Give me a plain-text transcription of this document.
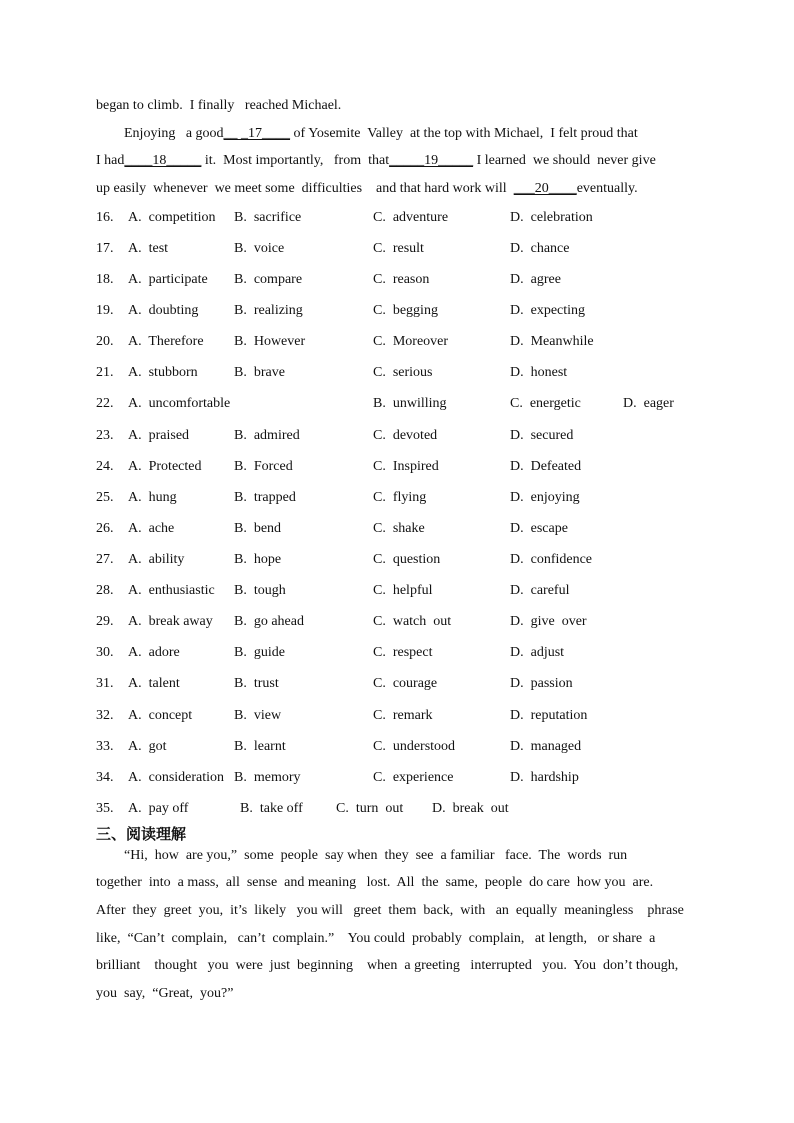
began to climb.  I finally   reached Michael.
Enjoying   a good__ _17____ of Yosemite  Valley  at the top with Michael,  I felt proud that
I had____18_____ it.  Most importantly,   from  that_____19_____ I learned  we should  never give
up easily  whenever  we meet some  difficulties    and that hard work will  ___20____eventually.
16. A.  competition B.  sacrifice	C.  adventure	D.  celebration
17. A.  test	B.  voice	C.  result	D.  chance
18. A.  participate B.  compare	C.  reason	D.  agree
19. A.  doubting	B.  realizing	C.  begging	D.  expecting
20. A.  Therefore B.  However	C.  Moreover	D.  Meanwhile
21. A.  stubborn	B.  brave	C.  serious	D.  honest
22. A.  uncomfortable	B.  unwilling	C.  energetic	D.  eager
23. A.  praised	B.  admired	C.  devoted	D.  secured
24. A.  Protected B.  Forced	C.  Inspired	D.  Defeated
25. A.  hung	B.  trapped	C.  flying	D.  enjoying
26. A.  ache	B.  bend	C.  shake	D.  escape
27. A.  ability	B.  hope	C.  question	D.  confidence
28. A.  enthusiastic B.  tough	C.  helpful	D.  careful
29. A.  break away B.  go ahead	C.  watch  out	D.  give  over
30. A.  adore	B.  guide	C.  respect	D.  adjust
31. A.  talent	B.  trust	C.  courage	D.  passion
32. A.  concept	B.  view	C.  remark	D.  reputation
33. A.  got	B.  learnt	C.  understood	D.  managed
34. A.  consideration B.  memory	C.  experience	D.  hardship
35. A.  pay off	B.  take off C.  turn  out D.  break  out
三、阅读理解
“Hi,  how  are you,”  some  people  say when  they  see  a familiar   face.  The  words  run
together  into  a mass,  all  sense  and meaning   lost.  All  the  same,  people  do care  how you  are.
After  they  greet  you,  it’s  likely   you will   greet  them  back,  with   an  equally  meaningless    phrase
like,  “Can’t  complain,   can’t  complain.”    You could  probably  complain,   at length,   or share  a
brilliant    thought   you  were  just  beginning    when  a greeting   interrupted   you.  You  don’t though,
you  say,  “Great,  you?”
